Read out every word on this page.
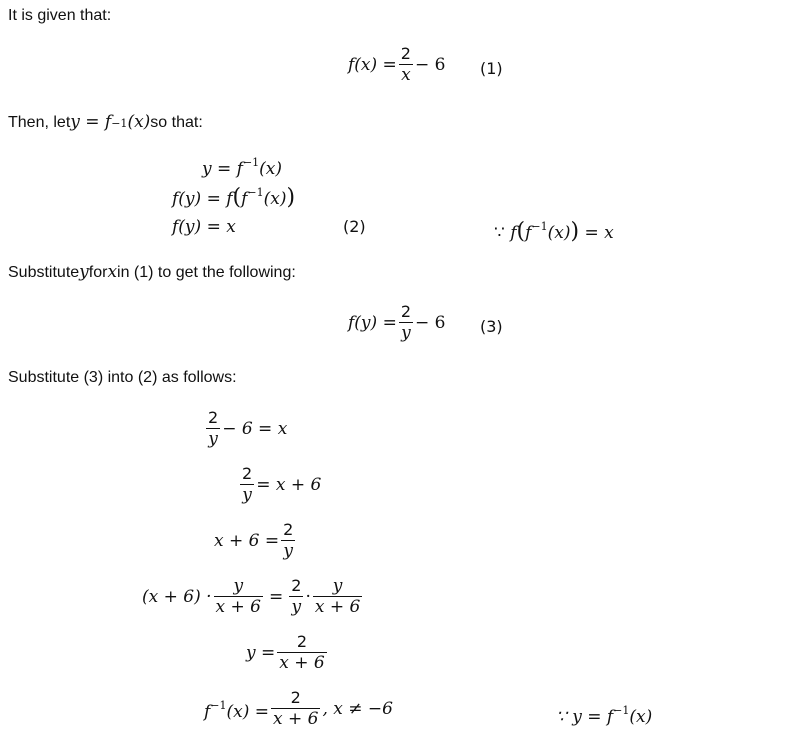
It is given that:
$f(x) = \frac{2}{x} - 6$ (1)
Then, let y = f −1 (x) so that:
$y = f^{-1}(x)$
$f(y) = f(f^{-1}(x))$
f(y) = x	(2)	∵ $f(f^{-1}(x)) = x$
Substitute y for x in (1) to get the following:
$f(y) = \frac{2}{y} - 6$ (3)
Substitute (3) into (2) as follows:
$\frac{2}{y} - 6 = x$
$\frac{2}{y} = x + 6$
$x + 6 = \frac{2}{y}$
$(x + 6) \cdot \frac{y}{x + 6} = \frac{2}{y} \cdot \frac{y}{x + 6}$
$y = \frac{2}{x + 6}$
$f^{-1}(x) = \frac{2}{x + 6}$ , x ≠ −6	∵ $y = f^{-1}(x)$
